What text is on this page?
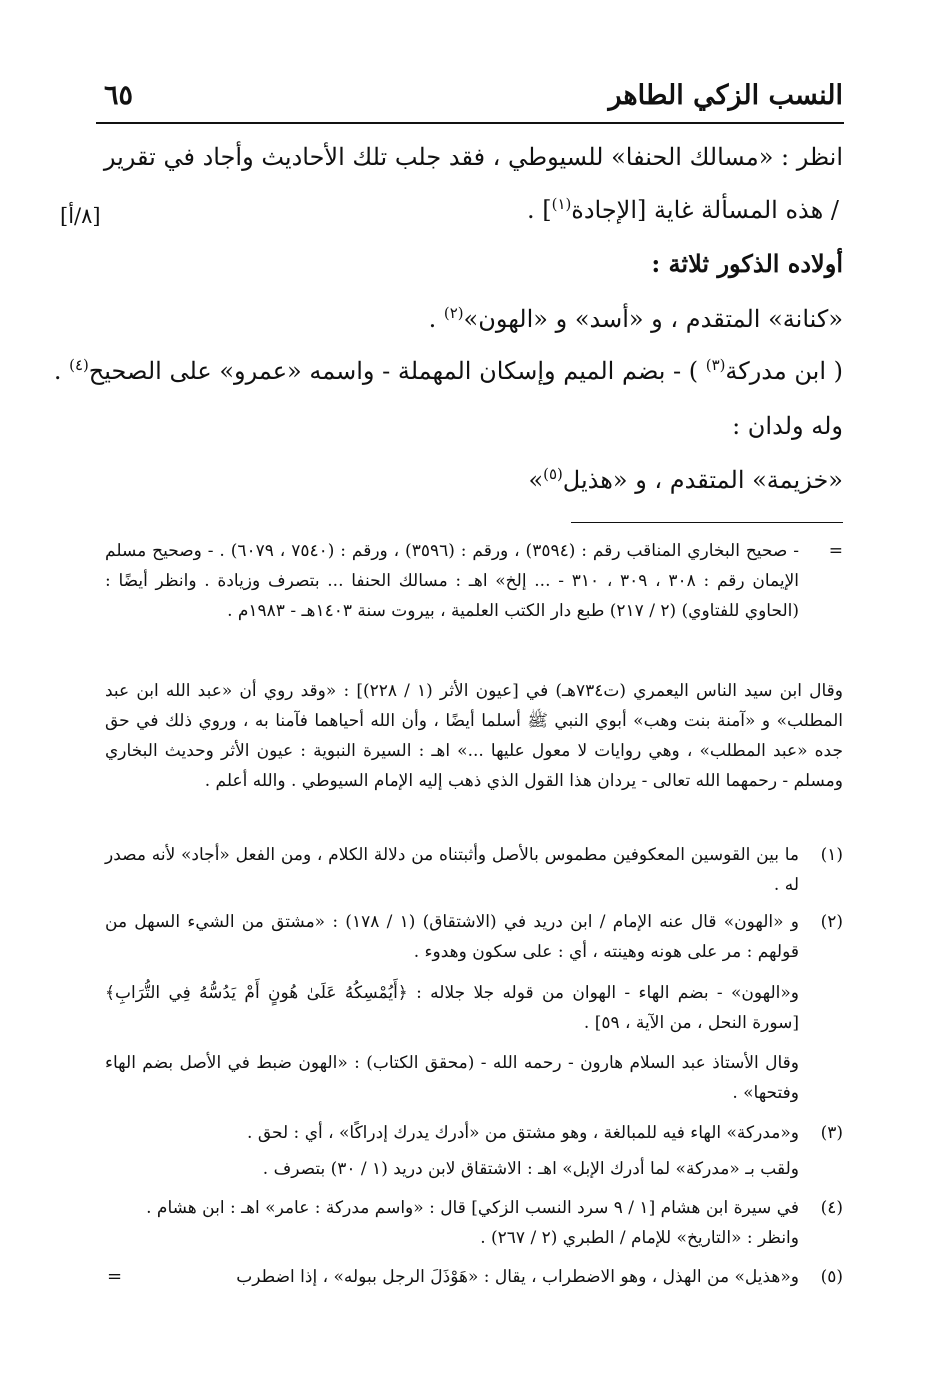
النسب الزكي الطاهر
٦٥
انظر : «مسالك الحنفا» للسيوطي ، فقد جلب تلك الأحاديث وأجاد في تقرير
/ هذه المسألة غاية [الإجادة$^{(١)}$] .
[٨/أ]
أولاده الذكور ثلاثة :
«كنانة» المتقدم ، و «أسد» و «الهون»$^{(٢)}$ .
( ابن مدركة$^{(٣)}$ ) - بضم الميم وإسكان المهملة - واسمه «عمرو» على الصحيح$^{(٤)}$ .
وله ولدان :
«خزيمة» المتقدم ، و «هذيل$^{(٥)}$»
=
- صحيح البخاري المناقب رقم : (٣٥٩٤) ، ورقم : (٣٥٩٦) ، ورقم : (٧٥٤٠ ، ٦٠٧٩) . - وصحيح مسلم الإيمان رقم : ٣٠٨ ، ٣٠٩ ، ٣١٠ - ... إلخ» اهـ : مسالك الحنفا ... بتصرف وزيادة . وانظر أيضًا : (الحاوي للفتاوي) (٢ / ٢١٧) طبع دار الكتب العلمية ، بيروت سنة ١٤٠٣هـ - ١٩٨٣م .
وقال ابن سيد الناس اليعمري (ت٧٣٤هـ) في [عيون الأثر (١ / ٢٢٨)] : «وقد روي أن «عبد الله ابن عبد المطلب» و «آمنة بنت وهب» أبوي النبي ﷺ أسلما أيضًا ، وأن الله أحياهما فآمنا به ، وروي ذلك في حق جده «عبد المطلب» ، وهي روايات لا معول عليها ...» اهـ : السيرة النبوية : عيون الأثر وحديث البخاري ومسلم - رحمهما الله تعالى - يردان هذا القول الذي ذهب إليه الإمام السيوطي . والله أعلم .
(١)
ما بين القوسين المعكوفين مطموس بالأصل وأثبتناه من دلالة الكلام ، ومن الفعل «أجاد» لأنه مصدر له .
(٢)
و «الهون» قال عنه الإمام / ابن دريد في (الاشتقاق) (١ / ١٧٨) : «مشتق من الشيء السهل من قولهم : مر على هونه وهينته ، أي : على سكون وهدوء .
و«الهون» - بضم الهاء - الهوان من قوله جلا جلاله : ﴿أَيُمْسِكُهُ عَلَىٰ هُونٍ أَمْ يَدُسُّهُ فِي التُّرَابِ﴾ [سورة النحل ، من الآية ، ٥٩] .
وقال الأستاذ عبد السلام هارون - رحمه الله - (محقق الكتاب) : «الهون ضبط في الأصل بضم الهاء وفتحها» .
(٣)
و«مدركة» الهاء فيه للمبالغة ، وهو مشتق من «أدرك يدرك إدراكًا» ، أي : لحق .
ولقب بـ «مدركة» لما أدرك الإبل» اهـ : الاشتقاق لابن دريد (١ / ٣٠) بتصرف .
(٤)
في سيرة ابن هشام [١ / ٩ سرد النسب الزكي] قال : «واسم مدركة : عامر» اهـ : ابن هشام .
وانظر : «التاريخ» للإمام / الطبري (٢ / ٢٦٧) .
(٥)
و«هذيل» من الهذل ، وهو الاضطراب ، يقال : «هَوْذَلَ الرجل ببوله» ، إذا اضطرب
=
